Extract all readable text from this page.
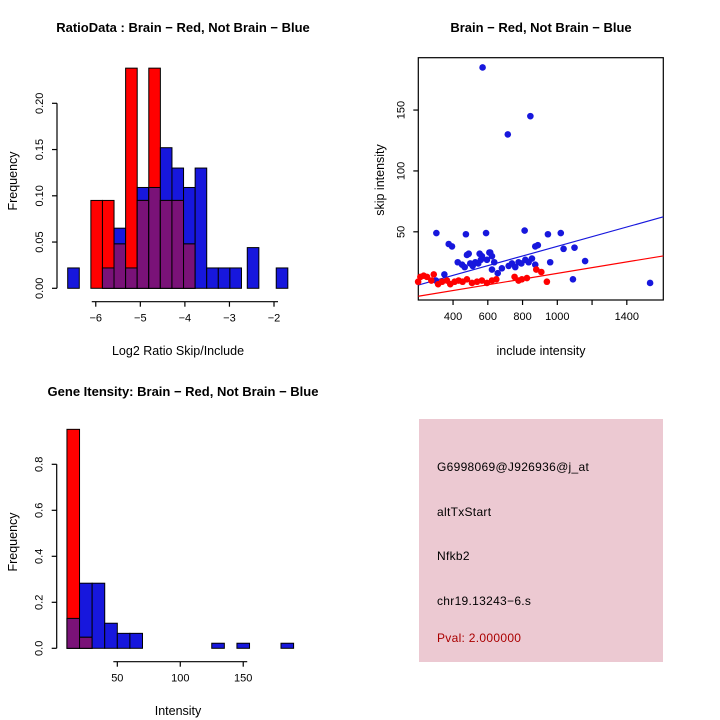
RatioData : Brain − Red, Not Brain − Blue
Log2 Ratio Skip/Include
Frequency
0.00
0.05
0.10
0.15
0.20
−6	−5	−4	−3	−2
Brain − Red, Not Brain − Blue
include intensity
skip intensity
400 600 800 1000	1400
50
100
150
Gene Itensity: Brain − Red, Not Brain − Blue
Intensity
Frequency
0.0
0.2
0.4
0.6
0.8
50	100	150
G6998069@J926936@j_at
altTxStart
Nfkb2
chr19.13243−6.s
Pval: 2.000000
